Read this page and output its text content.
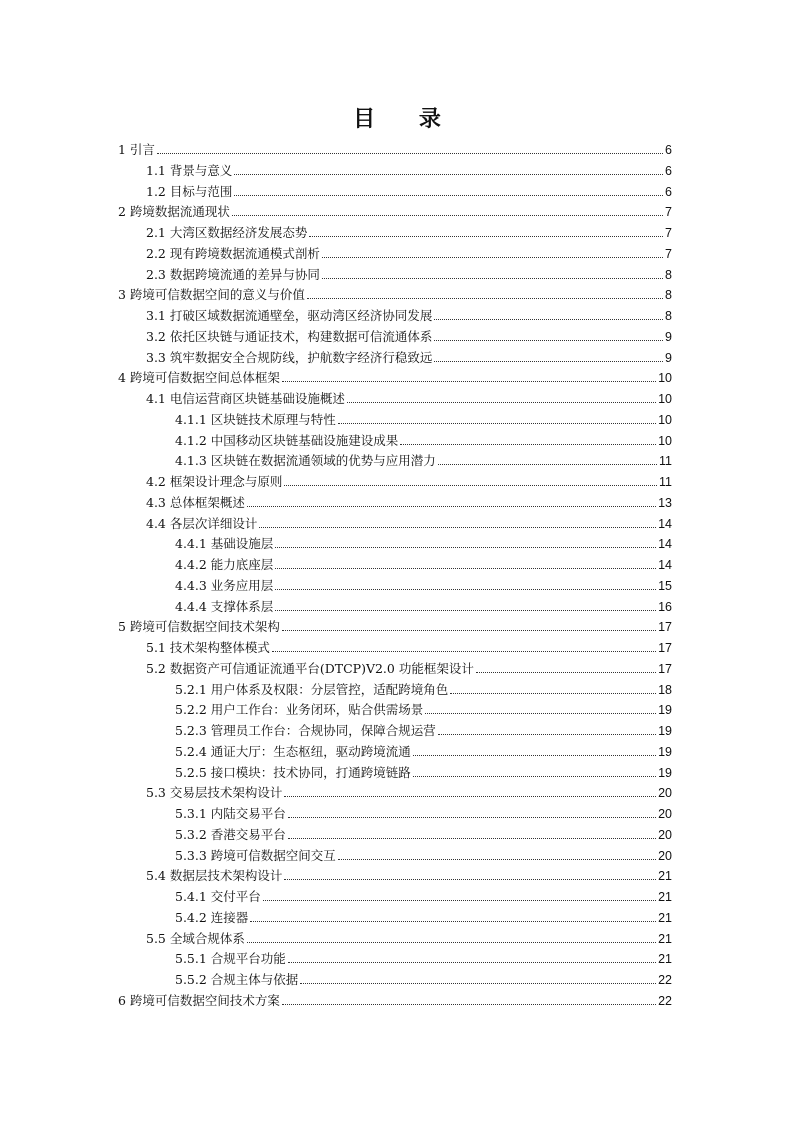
目 录
1 引言	6
1.1 背景与意义	6
1.2 目标与范围	6
2 跨境数据流通现状	7
2.1 大湾区数据经济发展态势	7
2.2 现有跨境数据流通模式剖析	7
2.3 数据跨境流通的差异与协同	8
3 跨境可信数据空间的意义与价值	8
3.1 打破区域数据流通壁垒，驱动湾区经济协同发展	8
3.2 依托区块链与通证技术，构建数据可信流通体系	9
3.3 筑牢数据安全合规防线，护航数字经济行稳致远	9
4 跨境可信数据空间总体框架	10
4.1 电信运营商区块链基础设施概述	10
4.1.1 区块链技术原理与特性	10
4.1.2 中国移动区块链基础设施建设成果	10
4.1.3 区块链在数据流通领域的优势与应用潜力	11
4.2 框架设计理念与原则	11
4.3 总体框架概述	13
4.4 各层次详细设计	14
4.4.1 基础设施层	14
4.4.2 能力底座层	14
4.4.3 业务应用层	15
4.4.4 支撑体系层	16
5 跨境可信数据空间技术架构	17
5.1 技术架构整体模式	17
5.2 数据资产可信通证流通平台(DTCP)V2.0 功能框架设计	17
5.2.1 用户体系及权限：分层管控，适配跨境角色	18
5.2.2 用户工作台：业务闭环，贴合供需场景	19
5.2.3 管理员工作台：合规协同，保障合规运营	19
5.2.4 通证大厅：生态枢纽，驱动跨境流通	19
5.2.5 接口模块：技术协同，打通跨境链路	19
5.3 交易层技术架构设计	20
5.3.1 内陆交易平台	20
5.3.2 香港交易平台	20
5.3.3 跨境可信数据空间交互	20
5.4 数据层技术架构设计	21
5.4.1 交付平台	21
5.4.2 连接器	21
5.5 全域合规体系	21
5.5.1 合规平台功能	21
5.5.2 合规主体与依据	22
6 跨境可信数据空间技术方案	22
